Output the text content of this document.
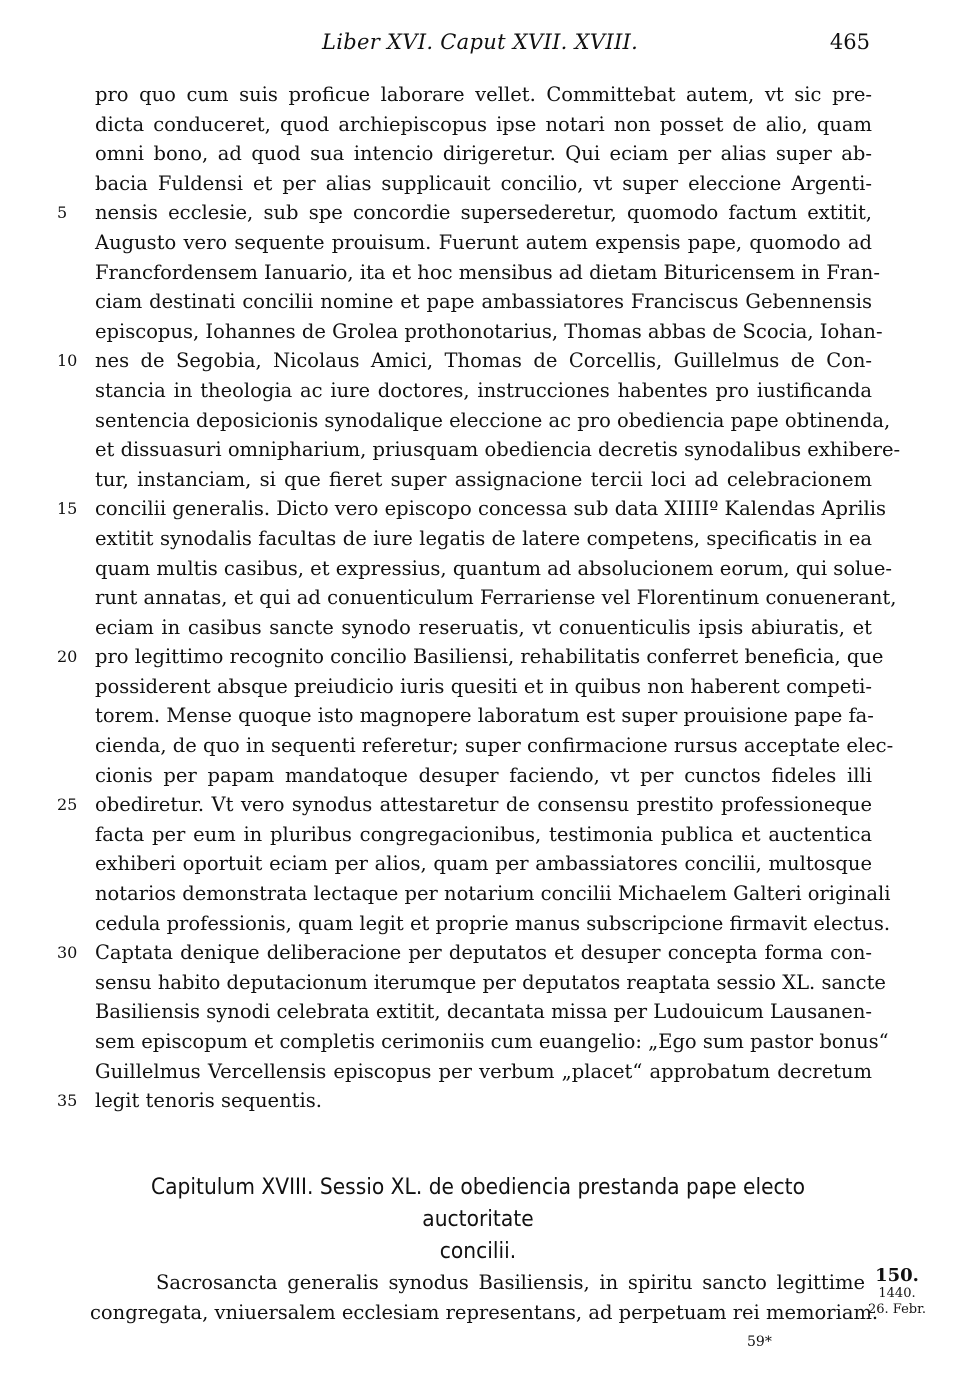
Liber XVI. Caput XVII. XVIII.	465
pro quo cum suis proficue laborare vellet. Committebat autem, vt sic pre-
dicta conduceret, quod archiepiscopus ipse notari non posset de alio, quam
omni bono, ad quod sua intencio dirigeretur. Qui eciam per alias super ab-
bacia Fuldensi et per alias supplicauit concilio, vt super eleccione Argenti-
nensis ecclesie, sub spe concordie supersederetur, quomodo factum extitit,
5
Augusto vero sequente prouisum. Fuerunt autem expensis pape, quomodo ad
Francfordensem Ianuario, ita et hoc mensibus ad dietam Bituricensem in Fran-
ciam destinati concilii nomine et pape ambassiatores Franciscus Gebennensis
episcopus, Iohannes de Grolea prothonotarius, Thomas abbas de Scocia, Iohan-
nes de Segobia, Nicolaus Amici, Thomas de Corcellis, Guillelmus de Con-
10
stancia in theologia ac iure doctores, instrucciones habentes pro iustificanda
sentencia deposicionis synodalique eleccione ac pro obediencia pape obtinenda,
et dissuasuri omnipharium, priusquam obediencia decretis synodalibus exhibere-
tur, instanciam, si que fieret super assignacione tercii loci ad celebracionem
concilii generalis. Dicto vero episcopo concessa sub data XIIIIº Kalendas Aprilis
15
extitit synodalis facultas de iure legatis de latere competens, specificatis in ea
quam multis casibus, et expressius, quantum ad absolucionem eorum, qui solue-
runt annatas, et qui ad conuenticulum Ferrariense vel Florentinum conuenerant,
eciam in casibus sancte synodo reseruatis, vt conuenticulis ipsis abiuratis, et
pro legittimo recognito concilio Basiliensi, rehabilitatis conferret beneficia, que
20
possiderent absque preiudicio iuris quesiti et in quibus non haberent competi-
torem. Mense quoque isto magnopere laboratum est super prouisione pape fa-
cienda, de quo in sequenti referetur; super confirmacione rursus acceptate elec-
cionis per papam mandatoque desuper faciendo, vt per cunctos fideles illi
obediretur. Vt vero synodus attestaretur de consensu prestito professioneque
25
facta per eum in pluribus congregacionibus, testimonia publica et auctentica
exhiberi oportuit eciam per alios, quam per ambassiatores concilii, multosque
notarios demonstrata lectaque per notarium concilii Michaelem Galteri originali
cedula professionis, quam legit et proprie manus subscripcione firmavit electus.
Captata denique deliberacione per deputatos et desuper concepta forma con-
30
sensu habito deputacionum iterumque per deputatos reaptata sessio XL. sancte
Basiliensis synodi celebrata extitit, decantata missa per Ludouicum Lausanen-
sem episcopum et completis cerimoniis cum euangelio: „Ego sum pastor bonus“
Guillelmus Vercellensis episcopus per verbum „placet“ approbatum decretum
legit tenoris sequentis.
35
Capitulum XVIII. Sessio XL. de obediencia prestanda pape electo auctoritate
concilii.
Sacrosancta generalis synodus Basiliensis, in spiritu sancto legittime
congregata, vniuersalem ecclesiam representans, ad perpetuam rei memoriam.
150.
1440.
26. Febr.
59*
